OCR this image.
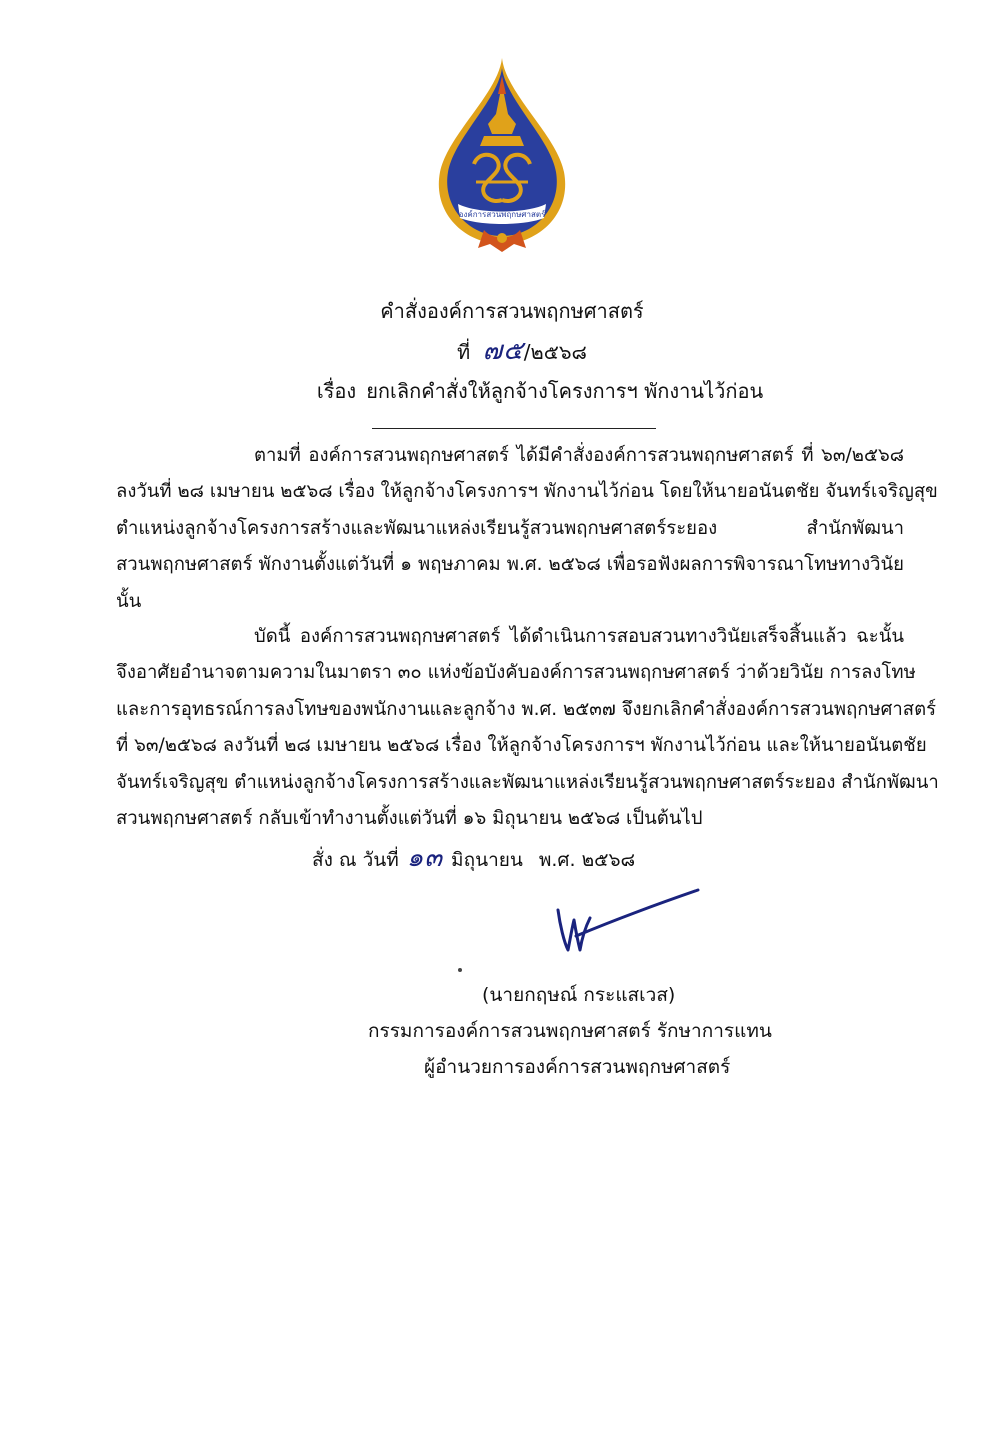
องค์การสวนพฤกษศาสตร์
คำสั่งองค์การสวนพฤกษศาสตร์
ที่ ๗๕/๒๕๖๘
เรื่อง ยกเลิกคำสั่งให้ลูกจ้างโครงการฯ พักงานไว้ก่อน
ตามที่ องค์การสวนพฤกษศาสตร์ ได้มีคำสั่งองค์การสวนพฤกษศาสตร์ ที่ ๖๓/๒๕๖๘
ลงวันที่ ๒๘ เมษายน ๒๕๖๘ เรื่อง ให้ลูกจ้างโครงการฯ พักงานไว้ก่อน โดยให้นายอนันตชัย จันทร์เจริญสุข
ตำแหน่งลูกจ้างโครงการสร้างและพัฒนาแหล่งเรียนรู้สวนพฤกษศาสตร์ระยอง สำนักพัฒนา
สวนพฤกษศาสตร์ พักงานตั้งแต่วันที่ ๑ พฤษภาคม พ.ศ. ๒๕๖๘ เพื่อรอฟังผลการพิจารณาโทษทางวินัย
นั้น
บัดนี้ องค์การสวนพฤกษศาสตร์ ได้ดำเนินการสอบสวนทางวินัยเสร็จสิ้นแล้ว ฉะนั้น
จึงอาศัยอำนาจตามความในมาตรา ๓๐ แห่งข้อบังคับองค์การสวนพฤกษศาสตร์ ว่าด้วยวินัย การลงโทษ
และการอุทธรณ์การลงโทษของพนักงานและลูกจ้าง พ.ศ. ๒๕๓๗ จึงยกเลิกคำสั่งองค์การสวนพฤกษศาสตร์
ที่ ๖๓/๒๕๖๘ ลงวันที่ ๒๘ เมษายน ๒๕๖๘ เรื่อง ให้ลูกจ้างโครงการฯ พักงานไว้ก่อน และให้นายอนันตชัย
จันทร์เจริญสุข ตำแหน่งลูกจ้างโครงการสร้างและพัฒนาแหล่งเรียนรู้สวนพฤกษศาสตร์ระยอง สำนักพัฒนา
สวนพฤกษศาสตร์ กลับเข้าทำงานตั้งแต่วันที่ ๑๖ มิถุนายน ๒๕๖๘ เป็นต้นไป
สั่ง ณ วันที่ ๑๓ มิถุนายน พ.ศ. ๒๕๖๘
(นายกฤษณ์ กระแสเวส)
กรรมการองค์การสวนพฤกษศาสตร์ รักษาการแทน
ผู้อำนวยการองค์การสวนพฤกษศาสตร์
